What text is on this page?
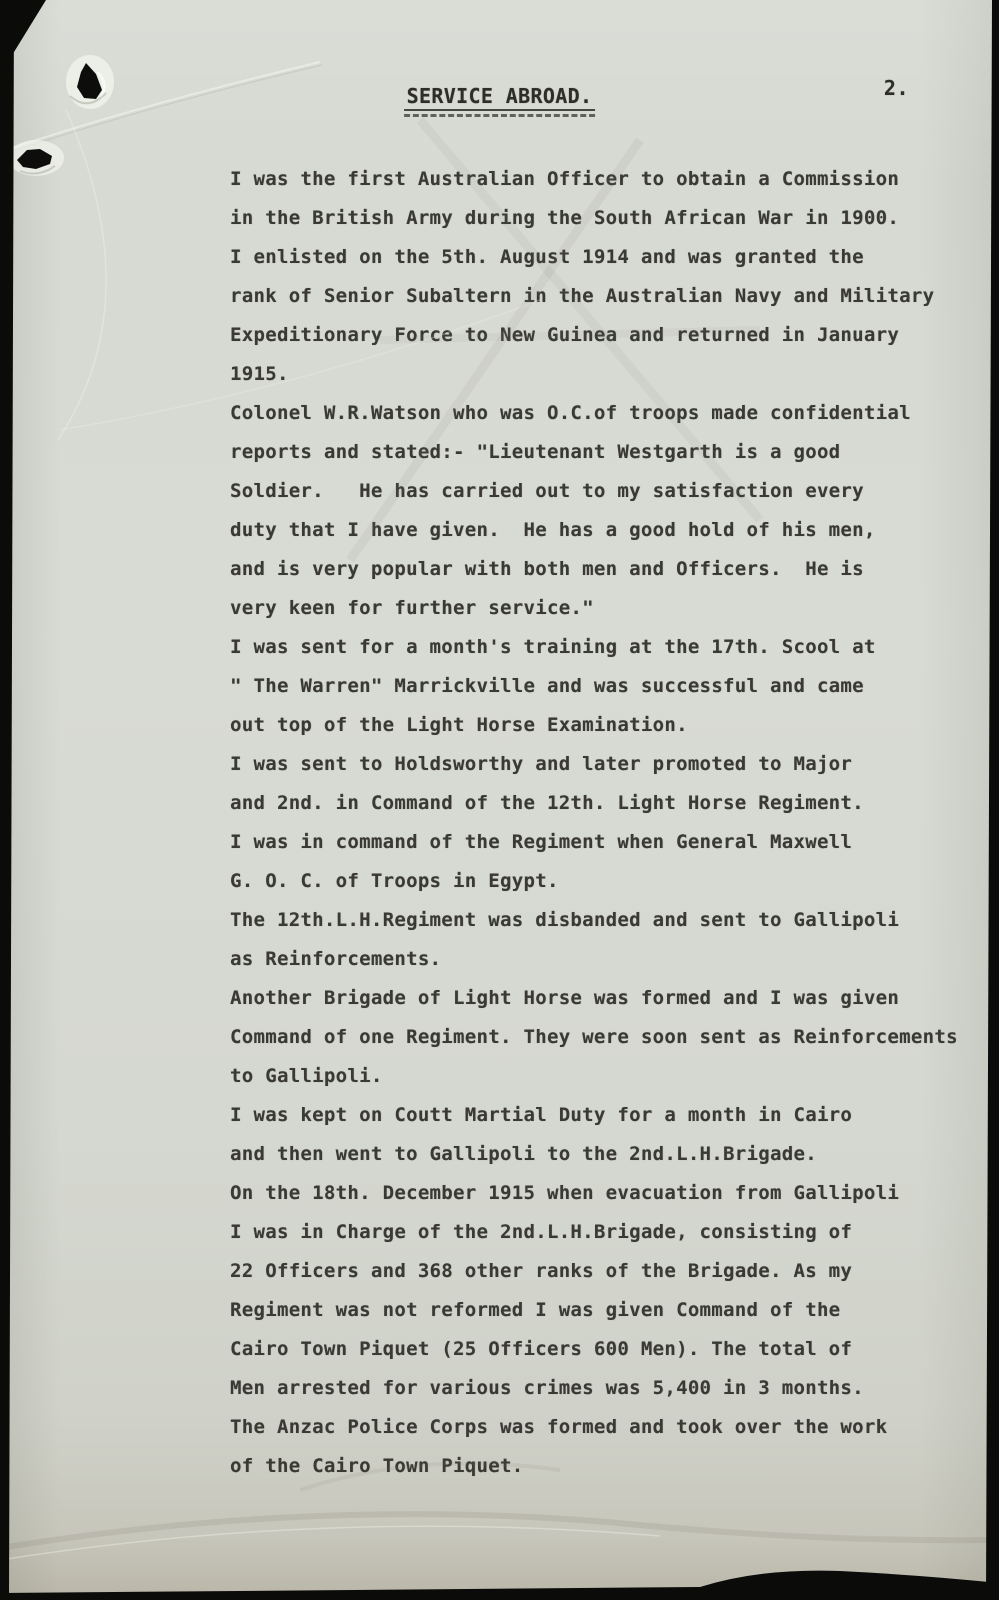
SERVICE ABROAD.	2.
I was the first Australian Officer to obtain a Commission
in the British Army during the South African War in 1900.
I enlisted on the 5th. August 1914 and was granted the
rank of Senior Subaltern in the Australian Navy and Military
Expeditionary Force to New Guinea and returned in January
1915.
Colonel W.R.Watson who was O.C.of troops made confidential
reports and stated:- "Lieutenant Westgarth is a good
Soldier.   He has carried out to my satisfaction every
duty that I have given.  He has a good hold of his men,
and is very popular with both men and Officers.  He is
very keen for further service."
I was sent for a month's training at the 17th. Scool at
" The Warren" Marrickville and was successful and came
out top of the Light Horse Examination.
I was sent to Holdsworthy and later promoted to Major
and 2nd. in Command of the 12th. Light Horse Regiment.
I was in command of the Regiment when General Maxwell
G. O. C. of Troops in Egypt.
The 12th.L.H.Regiment was disbanded and sent to Gallipoli
as Reinforcements.
Another Brigade of Light Horse was formed and I was given
Command of one Regiment. They were soon sent as Reinforcements
to Gallipoli.
I was kept on Coutt Martial Duty for a month in Cairo
and then went to Gallipoli to the 2nd.L.H.Brigade.
On the 18th. December 1915 when evacuation from Gallipoli
I was in Charge of the 2nd.L.H.Brigade, consisting of
22 Officers and 368 other ranks of the Brigade. As my
Regiment was not reformed I was given Command of the
Cairo Town Piquet (25 Officers 600 Men). The total of
Men arrested for various crimes was 5,400 in 3 months.
The Anzac Police Corps was formed and took over the work
of the Cairo Town Piquet.
